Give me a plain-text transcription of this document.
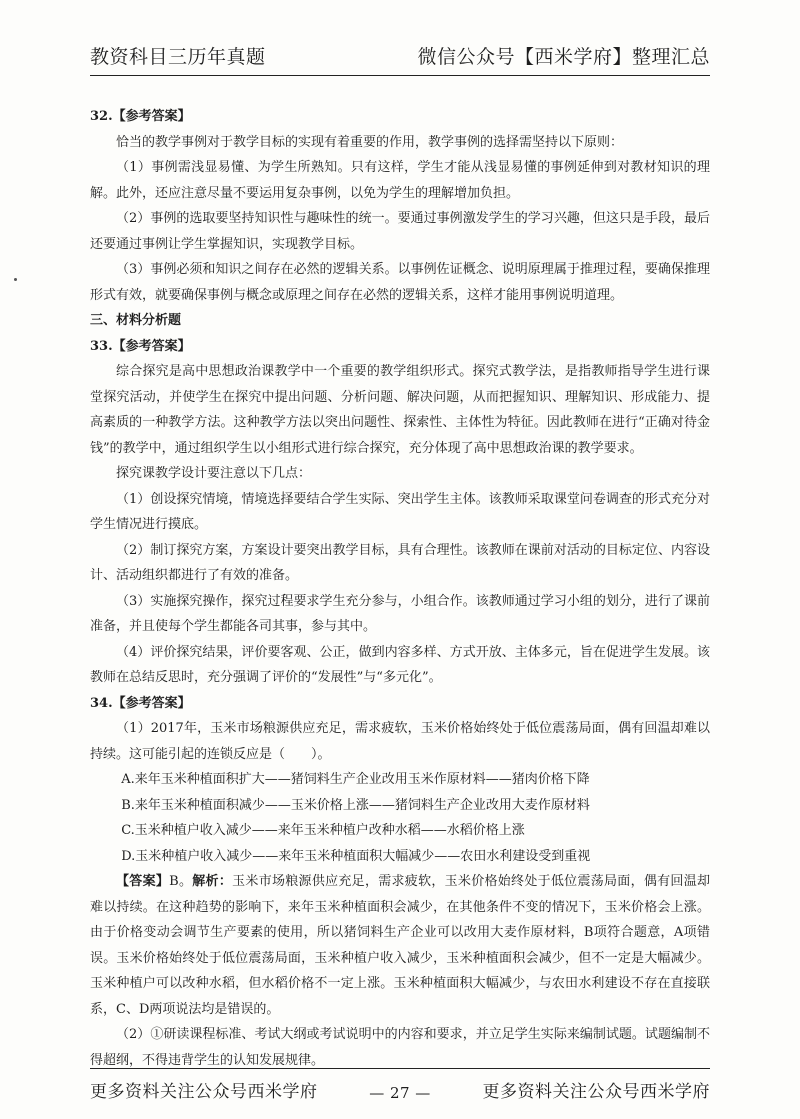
教资科目三历年真题	微信公众号【西米学府】整理汇总

32.【参考答案】

恰当的教学事例对于教学目标的实现有着重要的作用，教学事例的选择需坚持以下原则：

（1）事例需浅显易懂、为学生所熟知。只有这样，学生才能从浅显易懂的事例延伸到对教材知识的理解。此外，还应注意尽量不要运用复杂事例，以免为学生的理解增加负担。

（2）事例的选取要坚持知识性与趣味性的统一。要通过事例激发学生的学习兴趣，但这只是手段，最后还要通过事例让学生掌握知识，实现教学目标。

（3）事例必须和知识之间存在必然的逻辑关系。以事例佐证概念、说明原理属于推理过程，要确保推理形式有效，就要确保事例与概念或原理之间存在必然的逻辑关系，这样才能用事例说明道理。

三、材料分析题

33.【参考答案】

综合探究是高中思想政治课教学中一个重要的教学组织形式。探究式教学法，是指教师指导学生进行课堂探究活动，并使学生在探究中提出问题、分析问题、解决问题，从而把握知识、理解知识、形成能力、提高素质的一种教学方法。这种教学方法以突出问题性、探索性、主体性为特征。因此教师在进行“正确对待金钱”的教学中，通过组织学生以小组形式进行综合探究，充分体现了高中思想政治课的教学要求。

探究课教学设计要注意以下几点：

（1）创设探究情境，情境选择要结合学生实际、突出学生主体。该教师采取课堂问卷调查的形式充分对学生情况进行摸底。

（2）制订探究方案，方案设计要突出教学目标，具有合理性。该教师在课前对活动的目标定位、内容设计、活动组织都进行了有效的准备。

（3）实施探究操作，探究过程要求学生充分参与，小组合作。该教师通过学习小组的划分，进行了课前准备，并且使每个学生都能各司其事，参与其中。

（4）评价探究结果，评价要客观、公正，做到内容多样、方式开放、主体多元，旨在促进学生发展。该教师在总结反思时，充分强调了评价的“发展性”与“多元化”。

34.【参考答案】

（1）2017年，玉米市场粮源供应充足，需求疲软，玉米价格始终处于低位震荡局面，偶有回温却难以持续。这可能引起的连锁反应是（　　）。

A.来年玉米种植面积扩大——猪饲料生产企业改用玉米作原材料——猪肉价格下降

B.来年玉米种植面积减少——玉米价格上涨——猪饲料生产企业改用大麦作原材料

C.玉米种植户收入减少——来年玉米种植户改种水稻——水稻价格上涨

D.玉米种植户收入减少——来年玉米种植面积大幅减少——农田水利建设受到重视

【答案】B。解析：玉米市场粮源供应充足，需求疲软，玉米价格始终处于低位震荡局面，偶有回温却难以持续。在这种趋势的影响下，来年玉米种植面积会减少，在其他条件不变的情况下，玉米价格会上涨。由于价格变动会调节生产要素的使用，所以猪饲料生产企业可以改用大麦作原材料，B项符合题意，A项错误。玉米价格始终处于低位震荡局面，玉米种植户收入减少，玉米种植面积会减少，但不一定是大幅减少。玉米种植户可以改种水稻，但水稻价格不一定上涨。玉米种植面积大幅减少，与农田水利建设不存在直接联系，C、D两项说法均是错误的。

（2）①研读课程标准、考试大纲或考试说明中的内容和要求，并立足学生实际来编制试题。试题编制不得超纲，不得违背学生的认知发展规律。

更多资料关注公众号西米学府	— 27 —	更多资料关注公众号西米学府
